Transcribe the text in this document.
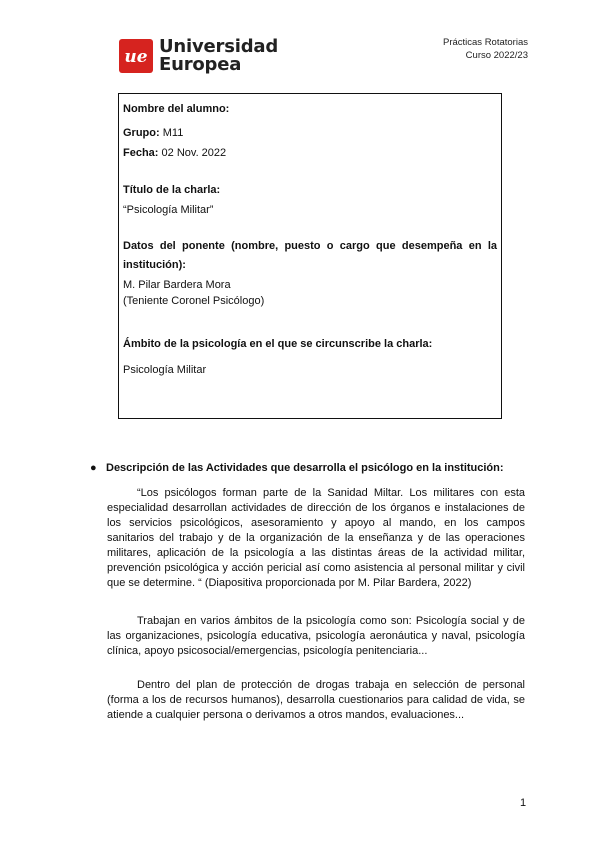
ue Universidad
Europea
Prácticas Rotatorias
Curso 2022/23

Nombre del alumno:

Grupo: M11

Fecha: 02 Nov. 2022

Título de la charla:

“Psicología Militar”

Datos del ponente (nombre, puesto o cargo que desempeña en la institución):

M. Pilar Bardera Mora

(Teniente Coronel Psicólogo)

Ámbito de la psicología en el que se circunscribe la charla:

Psicología Militar

● Descripción de las Actividades que desarrolla el psicólogo en la institución:

“Los psicólogos forman parte de la Sanidad Miltar. Los militares con esta especialidad desarrollan actividades de dirección de los órganos e instalaciones de los servicios psicológicos, asesoramiento y apoyo al mando, en los campos sanitarios del trabajo y de la organización de la enseñanza y de las operaciones militares, aplicación de la psicología a las distintas áreas de la actividad militar, prevención psicológica y acción pericial así como asistencia al personal militar y civil que se determine. “ (Diapositiva proporcionada por M. Pilar Bardera, 2022)

Trabajan en varios ámbitos de la psicología como son: Psicología social y de las organizaciones, psicología educativa, psicología aeronáutica y naval, psicología clínica, apoyo psicosocial/emergencias, psicología penitenciaria...

Dentro del plan de protección de drogas trabaja en selección de personal (forma a los de recursos humanos), desarrolla cuestionarios para calidad de vida, se atiende a cualquier persona o derivamos a otros mandos, evaluaciones...

1
